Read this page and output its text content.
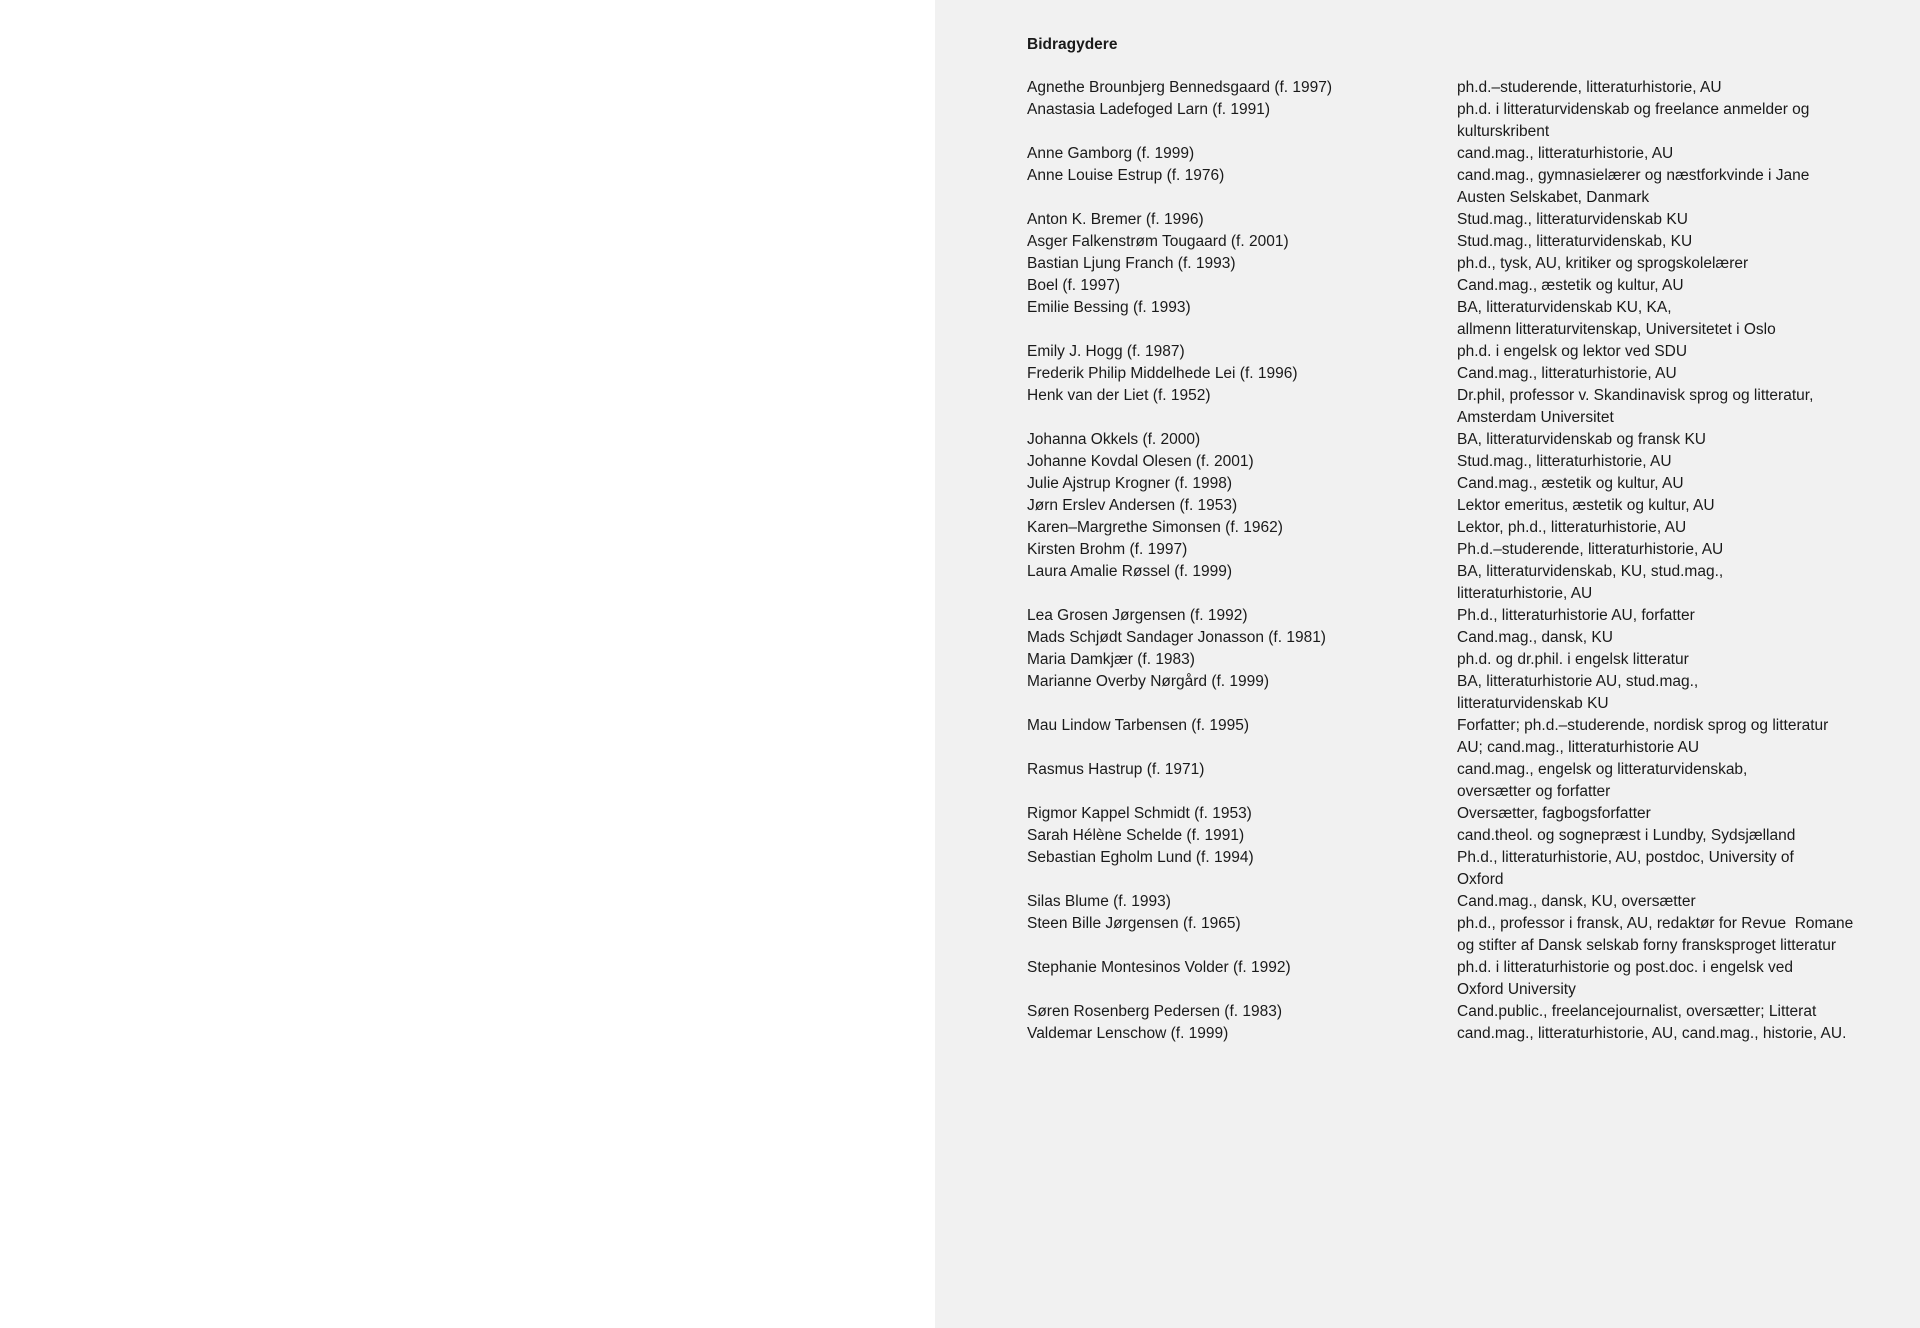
Bidragydere
Agnethe Brounbjerg Bennedsgaard (f. 1997)	ph.d.–studerende, litteraturhistorie, AU
Anastasia Ladefoged Larn (f. 1991)	ph.d. i litteraturvidenskab og freelance anmelder og
kulturskribent
Anne Gamborg (f. 1999)	cand.mag., litteraturhistorie, AU
Anne Louise Estrup (f. 1976)	cand.mag., gymnasielærer og næstforkvinde i Jane
Austen Selskabet, Danmark
Anton K. Bremer (f. 1996)	Stud.mag., litteraturvidenskab KU
Asger Falkenstrøm Tougaard (f. 2001)	Stud.mag., litteraturvidenskab, KU
Bastian Ljung Franch (f. 1993)	ph.d., tysk, AU, kritiker og sprogskolelærer
Boel (f. 1997)	Cand.mag., æstetik og kultur, AU
Emilie Bessing (f. 1993)	BA, litteraturvidenskab KU, KA,
allmenn litteraturvitenskap, Universitetet i Oslo
Emily J. Hogg (f. 1987)	ph.d. i engelsk og lektor ved SDU
Frederik Philip Middelhede Lei (f. 1996)	Cand.mag., litteraturhistorie, AU
Henk van der Liet (f. 1952)	Dr.phil, professor v. Skandinavisk sprog og litteratur,
Amsterdam Universitet
Johanna Okkels (f. 2000)	BA, litteraturvidenskab og fransk KU
Johanne Kovdal Olesen (f. 2001)	Stud.mag., litteraturhistorie, AU
Julie Ajstrup Krogner (f. 1998)	Cand.mag., æstetik og kultur, AU
Jørn Erslev Andersen (f. 1953)	Lektor emeritus, æstetik og kultur, AU
Karen–Margrethe Simonsen (f. 1962)	Lektor, ph.d., litteraturhistorie, AU
Kirsten Brohm (f. 1997)	Ph.d.–studerende, litteraturhistorie, AU
Laura Amalie Røssel (f. 1999)	BA, litteraturvidenskab, KU, stud.mag.,
litteraturhistorie, AU
Lea Grosen Jørgensen (f. 1992)	Ph.d., litteraturhistorie AU, forfatter
Mads Schjødt Sandager Jonasson (f. 1981)	Cand.mag., dansk, KU
Maria Damkjær (f. 1983)	ph.d. og dr.phil. i engelsk litteratur
Marianne Overby Nørgård (f. 1999)	BA, litteraturhistorie AU, stud.mag.,
litteraturvidenskab KU
Mau Lindow Tarbensen (f. 1995)	Forfatter; ph.d.–studerende, nordisk sprog og litteratur
AU; cand.mag., litteraturhistorie AU
Rasmus Hastrup (f. 1971)	cand.mag., engelsk og litteraturvidenskab,
oversætter og forfatter
Rigmor Kappel Schmidt (f. 1953)	Oversætter, fagbogsforfatter
Sarah Hélène Schelde (f. 1991)	cand.theol. og sognepræst i Lundby, Sydsjælland
Sebastian Egholm Lund (f. 1994)	Ph.d., litteraturhistorie, AU, postdoc, University of
Oxford
Silas Blume (f. 1993)	Cand.mag., dansk, KU, oversætter
Steen Bille Jørgensen (f. 1965)	ph.d., professor i fransk, AU, redaktør for Revue  Romane
og stifter af Dansk selskab forny fransksproget litteratur
Stephanie Montesinos Volder (f. 1992)	ph.d. i litteraturhistorie og post.doc. i engelsk ved
Oxford University
Søren Rosenberg Pedersen (f. 1983)	Cand.public., freelancejournalist, oversætter; Litterat
Valdemar Lenschow (f. 1999)	cand.mag., litteraturhistorie, AU, cand.mag., historie, AU.
